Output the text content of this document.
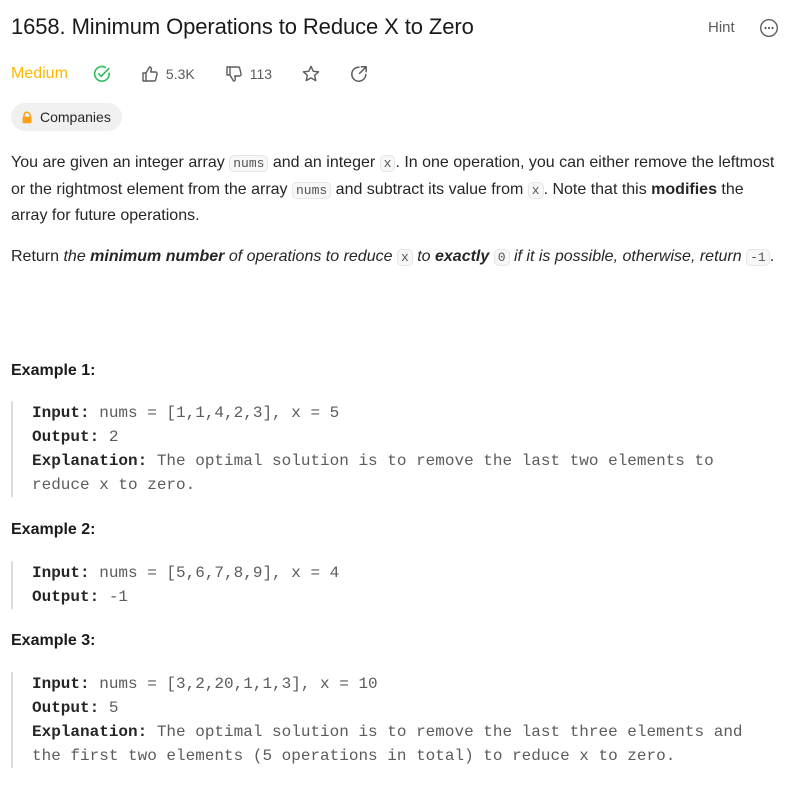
1658. Minimum Operations to Reduce X to Zero	Hint
Medium	5.3K	113
Companies
You are given an integer array nums and an integer x . In one operation, you can either remove the leftmost or the rightmost element from the array nums and subtract its value from x . Note that this modifies the array for future operations.
Return the minimum number of operations to reduce x to exactly 0 if it is possible, otherwise, return -1 .
Example 1:
Input: nums = [1,1,4,2,3], x = 5
Output: 2
Explanation: The optimal solution is to remove the last two elements to
reduce x to zero.
Example 2:
Input: nums = [5,6,7,8,9], x = 4
Output: -1
Example 3:
Input: nums = [3,2,20,1,1,3], x = 10
Output: 5
Explanation: The optimal solution is to remove the last three elements and
the first two elements (5 operations in total) to reduce x to zero.
